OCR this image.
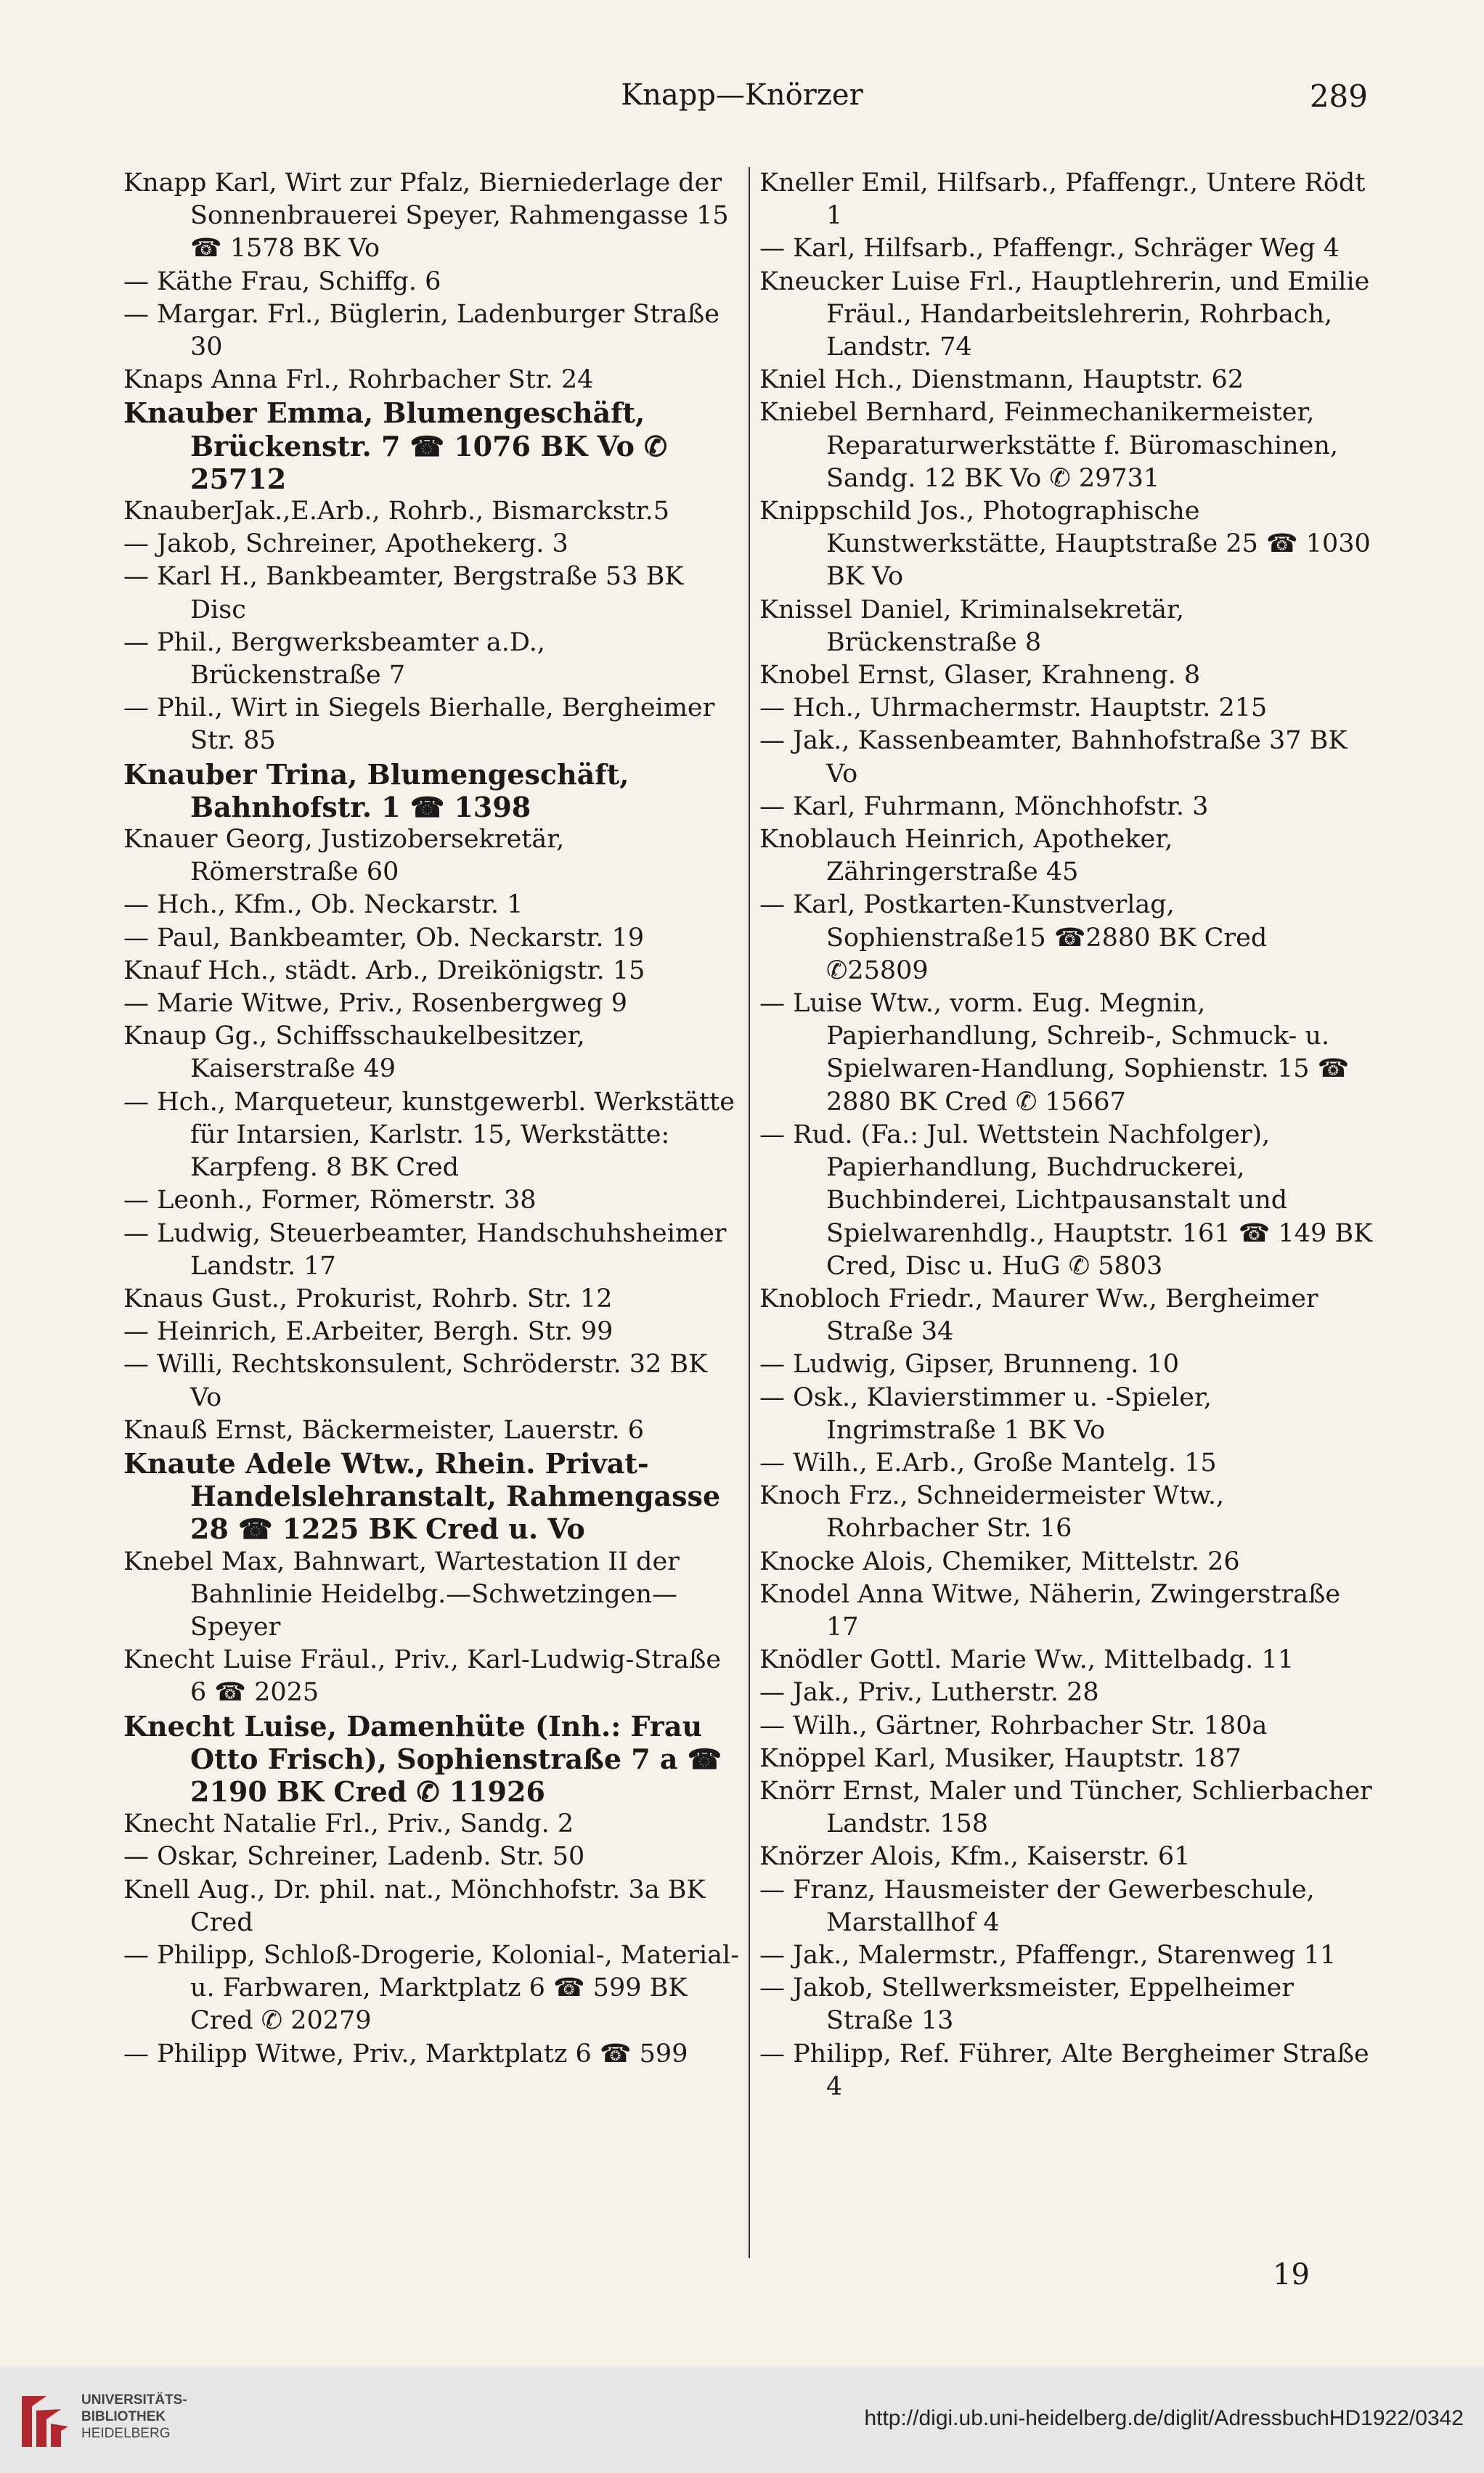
Knapp—Knörzer	289

Knapp Karl, Wirt zur Pfalz, Bierniederlage der Sonnenbrauerei Speyer, Rahmengasse 15 ☎ 1578 BK Vo

— Käthe Frau, Schiffg. 6

— Margar. Frl., Büglerin, Ladenburger Straße 30

Knaps Anna Frl., Rohrbacher Str. 24

Knauber Emma, Blumengeschäft, Brückenstr. 7 ☎ 1076 BK Vo ✆ 25712

KnauberJak.,E.Arb., Rohrb., Bismarckstr.5

— Jakob, Schreiner, Apothekerg. 3

— Karl H., Bankbeamter, Bergstraße 53 BK Disc

— Phil., Bergwerksbeamter a.D., Brückenstraße 7

— Phil., Wirt in Siegels Bierhalle, Bergheimer Str. 85

Knauber Trina, Blumengeschäft, Bahnhofstr. 1 ☎ 1398

Knauer Georg, Justizobersekretär, Römerstraße 60

— Hch., Kfm., Ob. Neckarstr. 1

— Paul, Bankbeamter, Ob. Neckarstr. 19

Knauf Hch., städt. Arb., Dreikönigstr. 15

— Marie Witwe, Priv., Rosenbergweg 9

Knaup Gg., Schiffsschaukelbesitzer, Kaiserstraße 49

— Hch., Marqueteur, kunstgewerbl. Werkstätte für Intarsien, Karlstr. 15, Werkstätte: Karpfeng. 8 BK Cred

— Leonh., Former, Römerstr. 38

— Ludwig, Steuerbeamter, Handschuhsheimer Landstr. 17

Knaus Gust., Prokurist, Rohrb. Str. 12

— Heinrich, E.Arbeiter, Bergh. Str. 99

— Willi, Rechtskonsulent, Schröderstr. 32 BK Vo

Knauß Ernst, Bäckermeister, Lauerstr. 6

Knaute Adele Wtw., Rhein. Privat-Handelslehranstalt, Rahmengasse 28 ☎ 1225 BK Cred u. Vo

Knebel Max, Bahnwart, Wartestation II der Bahnlinie Heidelbg.—Schwetzingen—Speyer

Knecht Luise Fräul., Priv., Karl-Ludwig-Straße 6 ☎ 2025

Knecht Luise, Damenhüte (Inh.: Frau Otto Frisch), Sophienstraße 7 a ☎ 2190 BK Cred ✆ 11926

Knecht Natalie Frl., Priv., Sandg. 2

— Oskar, Schreiner, Ladenb. Str. 50

Knell Aug., Dr. phil. nat., Mönchhofstr. 3a BK Cred

— Philipp, Schloß-Drogerie, Kolonial-, Material- u. Farbwaren, Marktplatz 6 ☎ 599 BK Cred ✆ 20279

— Philipp Witwe, Priv., Marktplatz 6 ☎ 599

Kneller Emil, Hilfsarb., Pfaffengr., Untere Rödt 1

— Karl, Hilfsarb., Pfaffengr., Schräger Weg 4

Kneucker Luise Frl., Hauptlehrerin, und Emilie Fräul., Handarbeitslehrerin, Rohrbach, Landstr. 74

Kniel Hch., Dienstmann, Hauptstr. 62

Kniebel Bernhard, Feinmechanikermeister, Reparaturwerkstätte f. Büromaschinen, Sandg. 12 BK Vo ✆ 29731

Knippschild Jos., Photographische Kunstwerkstätte, Hauptstraße 25 ☎ 1030 BK Vo

Knissel Daniel, Kriminalsekretär, Brückenstraße 8

Knobel Ernst, Glaser, Krahneng. 8

— Hch., Uhrmachermstr. Hauptstr. 215

— Jak., Kassenbeamter, Bahnhofstraße 37 BK Vo

— Karl, Fuhrmann, Mönchhofstr. 3

Knoblauch Heinrich, Apotheker, Zähringerstraße 45

— Karl, Postkarten-Kunstverlag, Sophienstraße15 ☎2880 BK Cred ✆25809

— Luise Wtw., vorm. Eug. Megnin, Papierhandlung, Schreib-, Schmuck- u. Spielwaren-Handlung, Sophienstr. 15 ☎ 2880 BK Cred ✆ 15667

— Rud. (Fa.: Jul. Wettstein Nachfolger), Papierhandlung, Buchdruckerei, Buchbinderei, Lichtpausanstalt und Spielwarenhdlg., Hauptstr. 161 ☎ 149 BK Cred, Disc u. HuG ✆ 5803

Knobloch Friedr., Maurer Ww., Bergheimer Straße 34

— Ludwig, Gipser, Brunneng. 10

— Osk., Klavierstimmer u. -Spieler, Ingrimstraße 1 BK Vo

— Wilh., E.Arb., Große Mantelg. 15

Knoch Frz., Schneidermeister Wtw., Rohrbacher Str. 16

Knocke Alois, Chemiker, Mittelstr. 26

Knodel Anna Witwe, Näherin, Zwingerstraße 17

Knödler Gottl. Marie Ww., Mittelbadg. 11

— Jak., Priv., Lutherstr. 28

— Wilh., Gärtner, Rohrbacher Str. 180a

Knöppel Karl, Musiker, Hauptstr. 187

Knörr Ernst, Maler und Tüncher, Schlierbacher Landstr. 158

Knörzer Alois, Kfm., Kaiserstr. 61

— Franz, Hausmeister der Gewerbeschule, Marstallhof 4

— Jak., Malermstr., Pfaffengr., Starenweg 11

— Jakob, Stellwerksmeister, Eppelheimer Straße 13

— Philipp, Ref. Führer, Alte Bergheimer Straße 4

19
UNIVERSITÄTS-
BIBLIOTHEK
HEIDELBERG
http://digi.ub.uni-heidelberg.de/diglit/AdressbuchHD1922/0342
